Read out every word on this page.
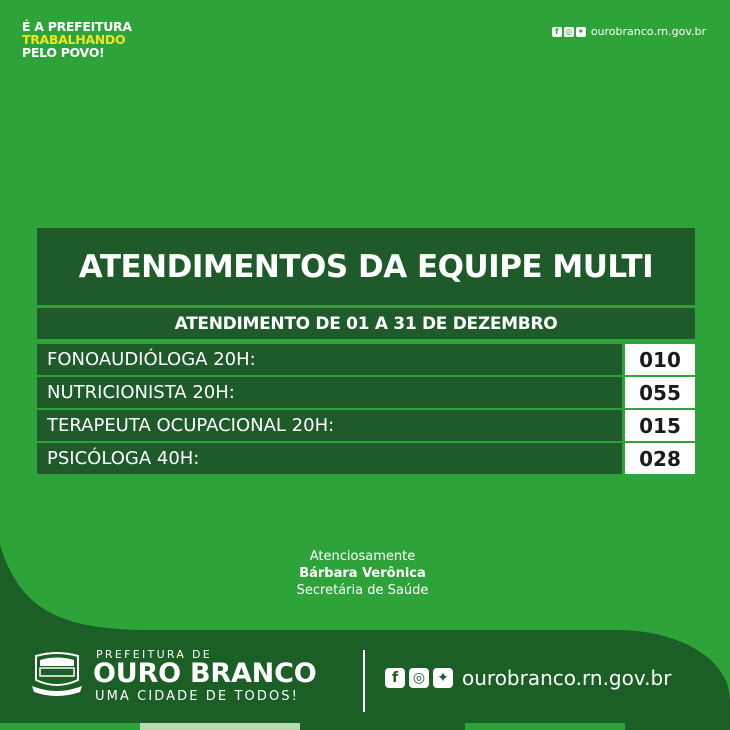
É A PREFEITURA
TRABALHANDO
PELO POVO!
f ◎ ✦ ourobranco.rn.gov.br
ATENDIMENTOS DA EQUIPE MULTI
ATENDIMENTO DE 01 A 31 DE DEZEMBRO
FONOAUDIÓLOGA 20H:	010
NUTRICIONISTA 20H:	055
TERAPEUTA OCUPACIONAL 20H:	015
PSICÓLOGA 40H:	028
Atenciosamente
Bárbara Verônica
Secretária de Saúde
PREFEITURA DE
OURO BRANCO
UMA CIDADE DE TODOS!
f	◎ ✦ ourobranco.rn.gov.br
